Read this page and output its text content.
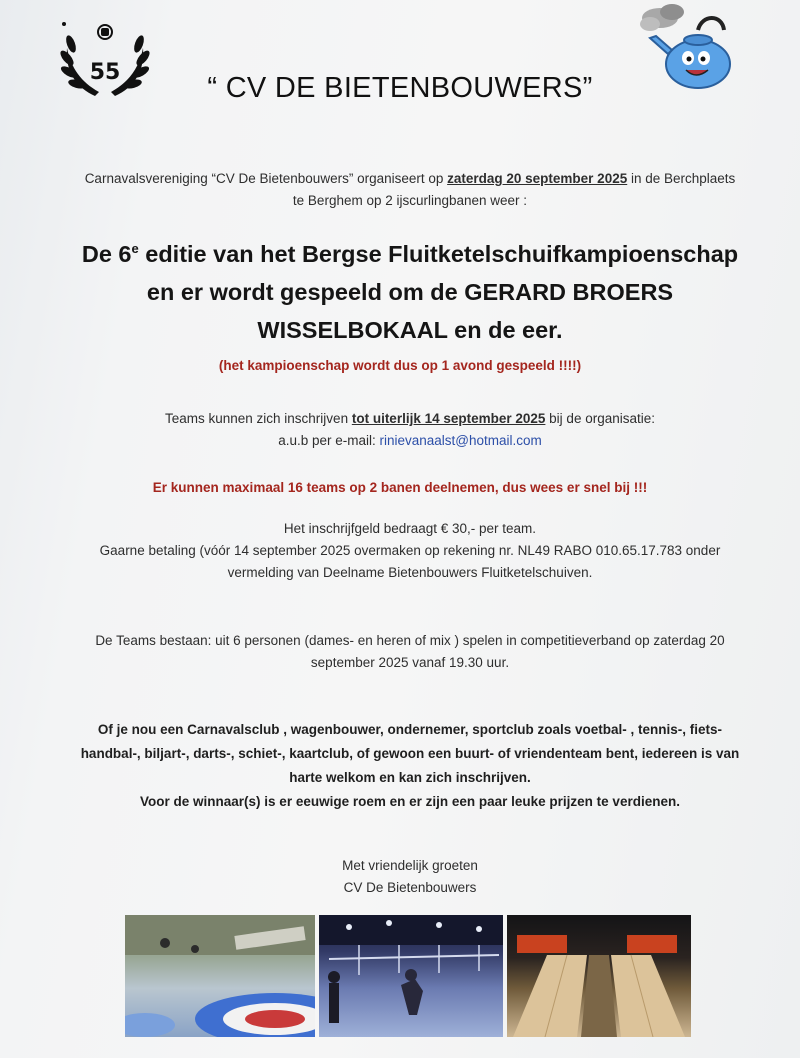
55	“ CV DE BIETENBOUWERS”
Carnavalsvereniging “CV De Bietenbouwers” organiseert op zaterdag 20 september 2025 in de Berchplaets
te Berghem op 2 ijscurlingbanen weer :
De 6e editie van het Bergse Fluitketelschuifkampioenschap
en er wordt gespeeld om de GERARD BROERS
WISSELBOKAAL en de eer.
(het kampioenschap wordt dus op 1 avond gespeeld !!!!)
Teams kunnen zich inschrijven tot uiterlijk 14 september 2025 bij de organisatie:
a.u.b per e-mail: rinievanaalst@hotmail.com
Er kunnen maximaal 16 teams op 2 banen deelnemen, dus wees er snel bij !!!
Het inschrijfgeld bedraagt € 30,- per team.
Gaarne betaling (vóór 14 september 2025 overmaken op rekening nr. NL49 RABO 010.65.17.783 onder
vermelding van Deelname Bietenbouwers Fluitketelschuiven.
De Teams bestaan: uit 6 personen (dames- en heren of mix ) spelen in competitieverband op zaterdag 20
september 2025 vanaf 19.30 uur.
Of je nou een Carnavalsclub , wagenbouwer, ondernemer, sportclub zoals voetbal- , tennis-, fiets-
handbal-, biljart-, darts-, schiet-, kaartclub, of gewoon een buurt- of vriendenteam bent, iedereen is van
harte welkom en kan zich inschrijven.
Voor de winnaar(s) is er eeuwige roem en er zijn een paar leuke prijzen te verdienen.
Met vriendelijk groeten
CV De Bietenbouwers
